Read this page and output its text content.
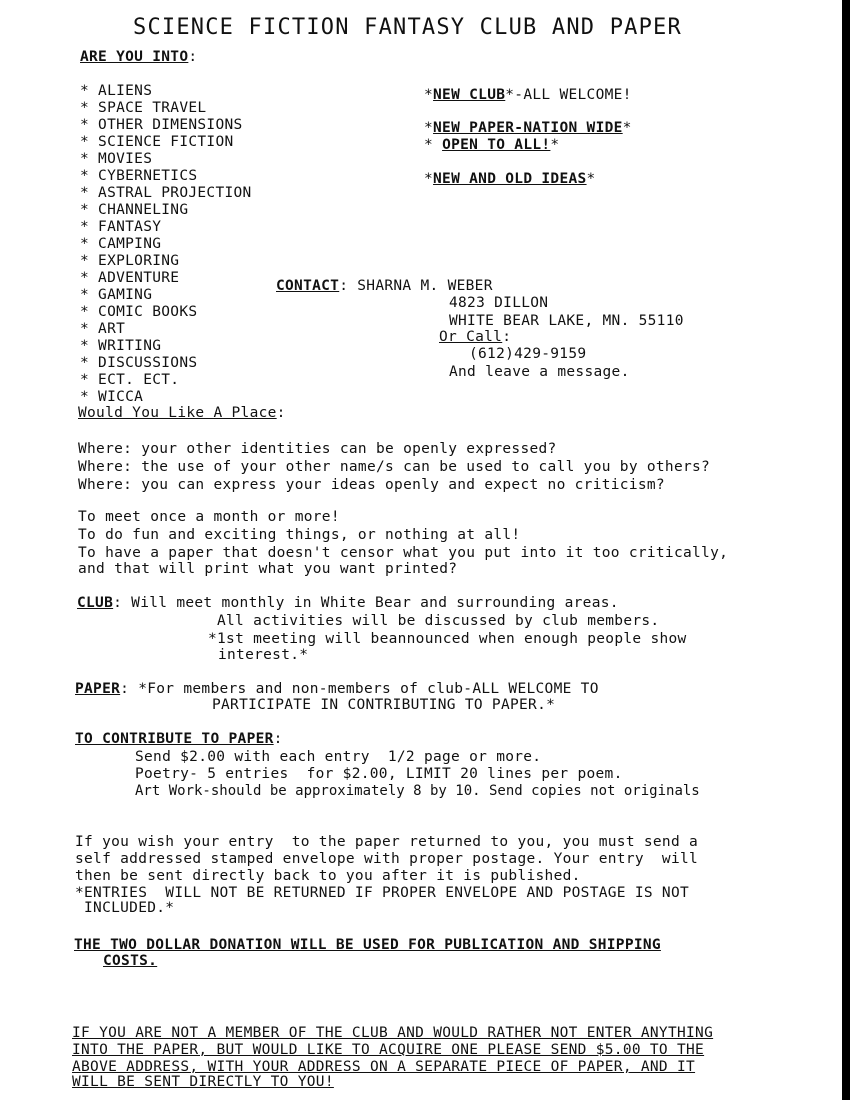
SCIENCE FICTION FANTASY CLUB AND PAPER
ARE YOU INTO:
* ALIENS
* SPACE TRAVEL
* OTHER DIMENSIONS
* SCIENCE FICTION
* MOVIES
* CYBERNETICS
* ASTRAL PROJECTION
* CHANNELING
* FANTASY
* CAMPING
* EXPLORING
* ADVENTURE
* GAMING
* COMIC BOOKS
* ART
* WRITING
* DISCUSSIONS
* ECT. ECT.
* WICCA
*NEW CLUB*-ALL WELCOME!
*NEW PAPER-NATION WIDE*
* OPEN TO ALL!*
*NEW AND OLD IDEAS*
CONTACT: SHARNA M. WEBER
4823 DILLON
WHITE BEAR LAKE, MN. 55110
Or Call:
(612)429-9159
And leave a message.
Would You Like A Place:
Where: your other identities can be openly expressed?
Where: the use of your other name/s can be used to call you by others?
Where: you can express your ideas openly and expect no criticism?
To meet once a month or more!
To do fun and exciting things, or nothing at all!
To have a paper that doesn't censor what you put into it too critically,
and that will print what you want printed?
CLUB: Will meet monthly in White Bear and surrounding areas.
All activities will be discussed by club members.
*1st meeting will beannounced when enough people show
interest.*
PAPER: *For members and non-members of club-ALL WELCOME TO
PARTICIPATE IN CONTRIBUTING TO PAPER.*
TO CONTRIBUTE TO PAPER:
Send $2.00 with each entry  1/2 page or more.
Poetry- 5 entries  for $2.00, LIMIT 20 lines per poem.
Art Work-should be approximately 8 by 10. Send copies not originals
If you wish your entry  to the paper returned to you, you must send a
self addressed stamped envelope with proper postage. Your entry  will
then be sent directly back to you after it is published.
*ENTRIES  WILL NOT BE RETURNED IF PROPER ENVELOPE AND POSTAGE IS NOT
INCLUDED.*
THE TWO DOLLAR DONATION WILL BE USED FOR PUBLICATION AND SHIPPING
COSTS.
IF YOU ARE NOT A MEMBER OF THE CLUB AND WOULD RATHER NOT ENTER ANYTHING
INTO THE PAPER, BUT WOULD LIKE TO ACQUIRE ONE PLEASE SEND $5.00 TO THE
ABOVE ADDRESS, WITH YOUR ADDRESS ON A SEPARATE PIECE OF PAPER, AND IT
WILL BE SENT DIRECTLY TO YOU!
